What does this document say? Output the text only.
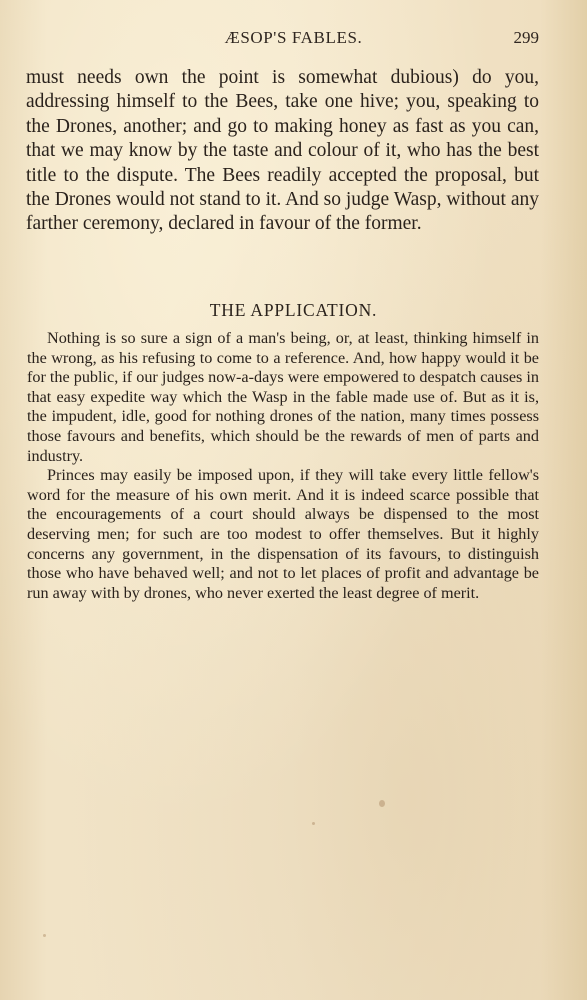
ÆSOP'S FABLES.	299
must needs own the point is somewhat dubious) do you, addressing himself to the Bees, take one hive; you, speaking to the Drones, another; and go to making honey as fast as you can, that we may know by the taste and colour of it, who has the best title to the dispute. The Bees readily accepted the proposal, but the Drones would not stand to it. And so judge Wasp, without any farther ceremony, declared in favour of the former.
THE APPLICATION.

Nothing is so sure a sign of a man's being, or, at least, thinking himself in the wrong, as his refusing to come to a reference. And, how happy would it be for the public, if our judges now-a-days were empowered to despatch causes in that easy expedite way which the Wasp in the fable made use of. But as it is, the impudent, idle, good for nothing drones of the nation, many times possess those favours and benefits, which should be the rewards of men of parts and industry.

Princes may easily be imposed upon, if they will take every little fellow's word for the measure of his own merit. And it is indeed scarce possible that the encouragements of a court should always be dispensed to the most deserving men; for such are too modest to offer themselves. But it highly concerns any government, in the dispensation of its favours, to distinguish those who have behaved well; and not to let places of profit and advantage be run away with by drones, who never exerted the least degree of merit.
